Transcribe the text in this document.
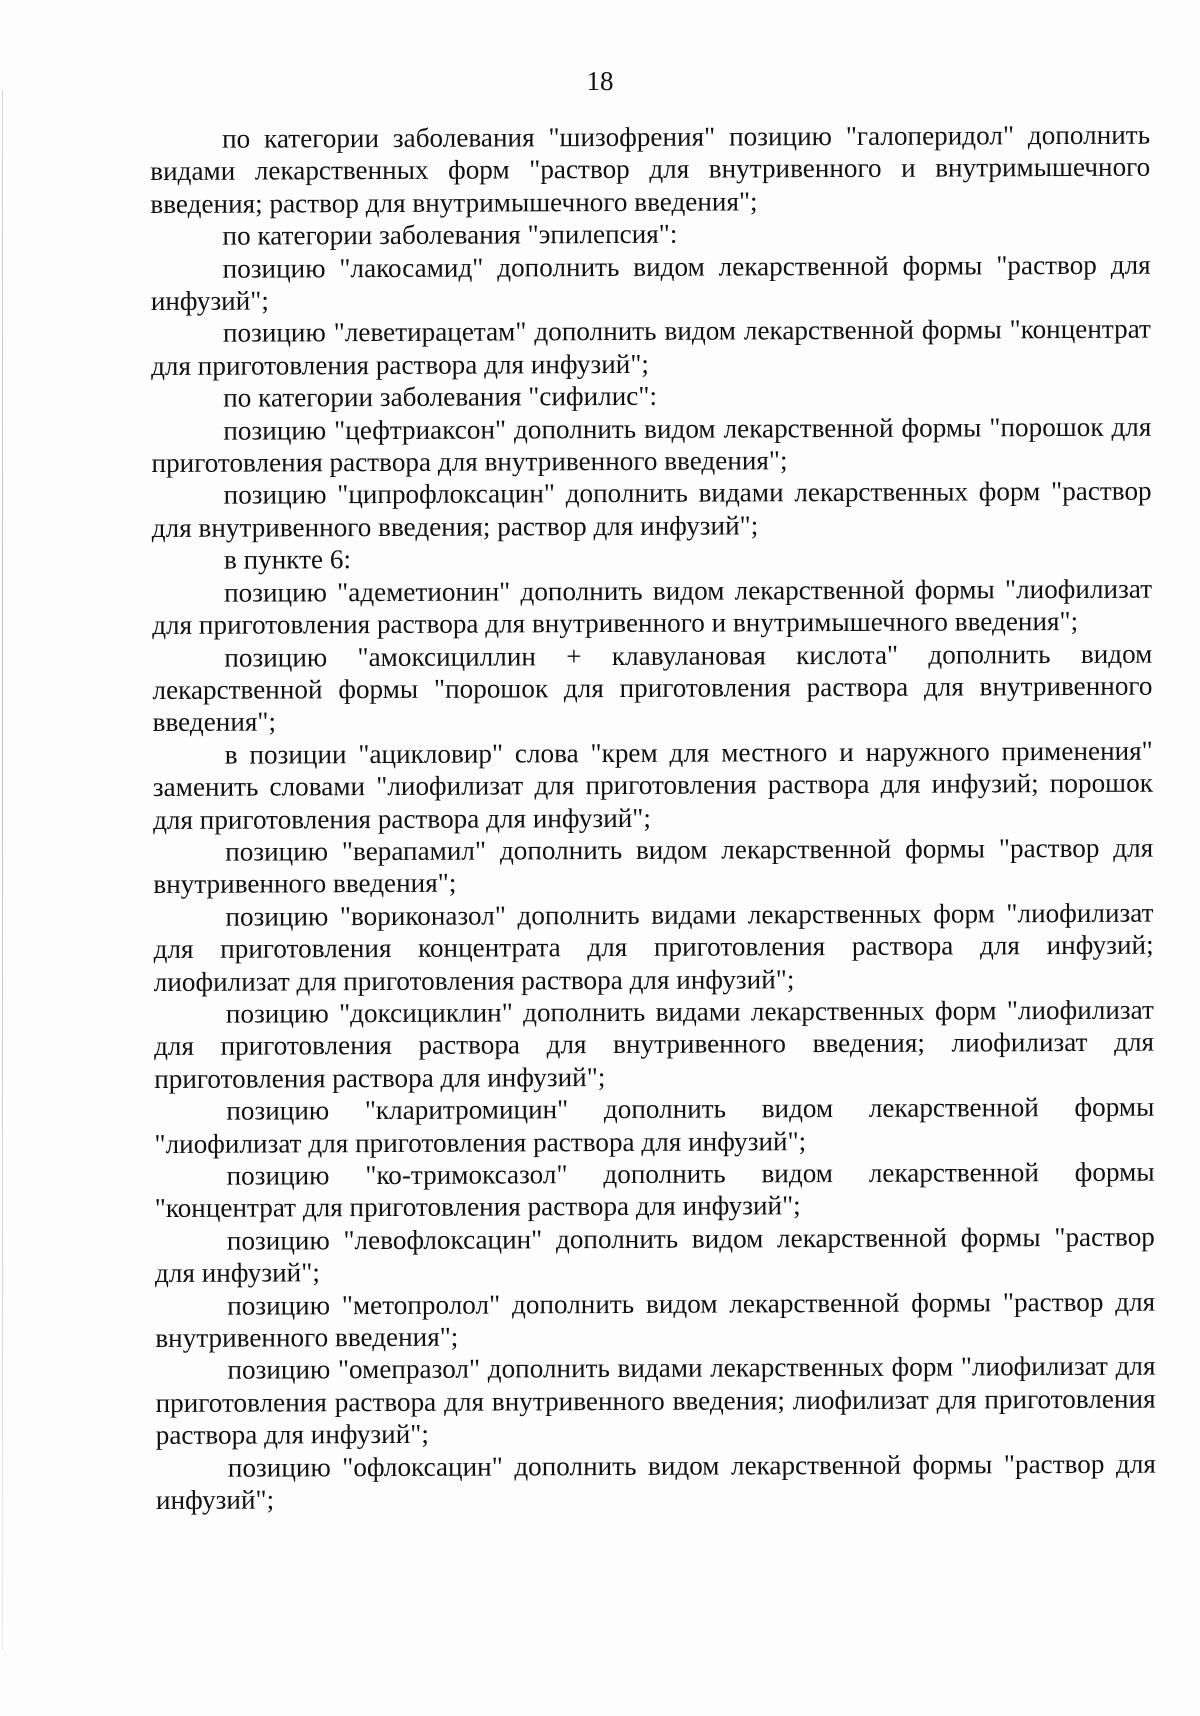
18

по категории заболевания "шизофрения" позицию "галоперидол" дополнить видами лекарственных форм "раствор для внутривенного и внутримышечного введения; раствор для внутримышечного введения";

по категории заболевания "эпилепсия":

позицию "лакосамид" дополнить видом лекарственной формы "раствор для инфузий";

позицию "леветирацетам" дополнить видом лекарственной формы "концентрат для приготовления раствора для инфузий";

по категории заболевания "сифилис":

позицию "цефтриаксон" дополнить видом лекарственной формы "порошок для приготовления раствора для внутривенного введения";

позицию "ципрофлоксацин" дополнить видами лекарственных форм "раствор для внутривенного введения; раствор для инфузий";

в пункте 6:

позицию "адеметионин" дополнить видом лекарственной формы "лиофилизат для приготовления раствора для внутривенного и внутримышечного введения";

позицию "амоксициллин + клавулановая кислота" дополнить видом лекарственной формы "порошок для приготовления раствора для внутривенного введения";

в позиции "ацикловир" слова "крем для местного и наружного применения" заменить словами "лиофилизат для приготовления раствора для инфузий; порошок для приготовления раствора для инфузий";

позицию "верапамил" дополнить видом лекарственной формы "раствор для внутривенного введения";

позицию "вориконазол" дополнить видами лекарственных форм "лиофилизат для приготовления концентрата для приготовления раствора для инфузий; лиофилизат для приготовления раствора для инфузий";

позицию "доксициклин" дополнить видами лекарственных форм "лиофилизат для приготовления раствора для внутривенного введения; лиофилизат для приготовления раствора для инфузий";

позицию "кларитромицин" дополнить видом лекарственной формы "лиофилизат для приготовления раствора для инфузий";

позицию "ко-тримоксазол" дополнить видом лекарственной формы "концентрат для приготовления раствора для инфузий";

позицию "левофлоксацин" дополнить видом лекарственной формы "раствор для инфузий";

позицию "метопролол" дополнить видом лекарственной формы "раствор для внутривенного введения";

позицию "омепразол" дополнить видами лекарственных форм "лиофилизат для приготовления раствора для внутривенного введения; лиофилизат для приготовления раствора для инфузий";

позицию "офлоксацин" дополнить видом лекарственной формы "раствор для инфузий";
